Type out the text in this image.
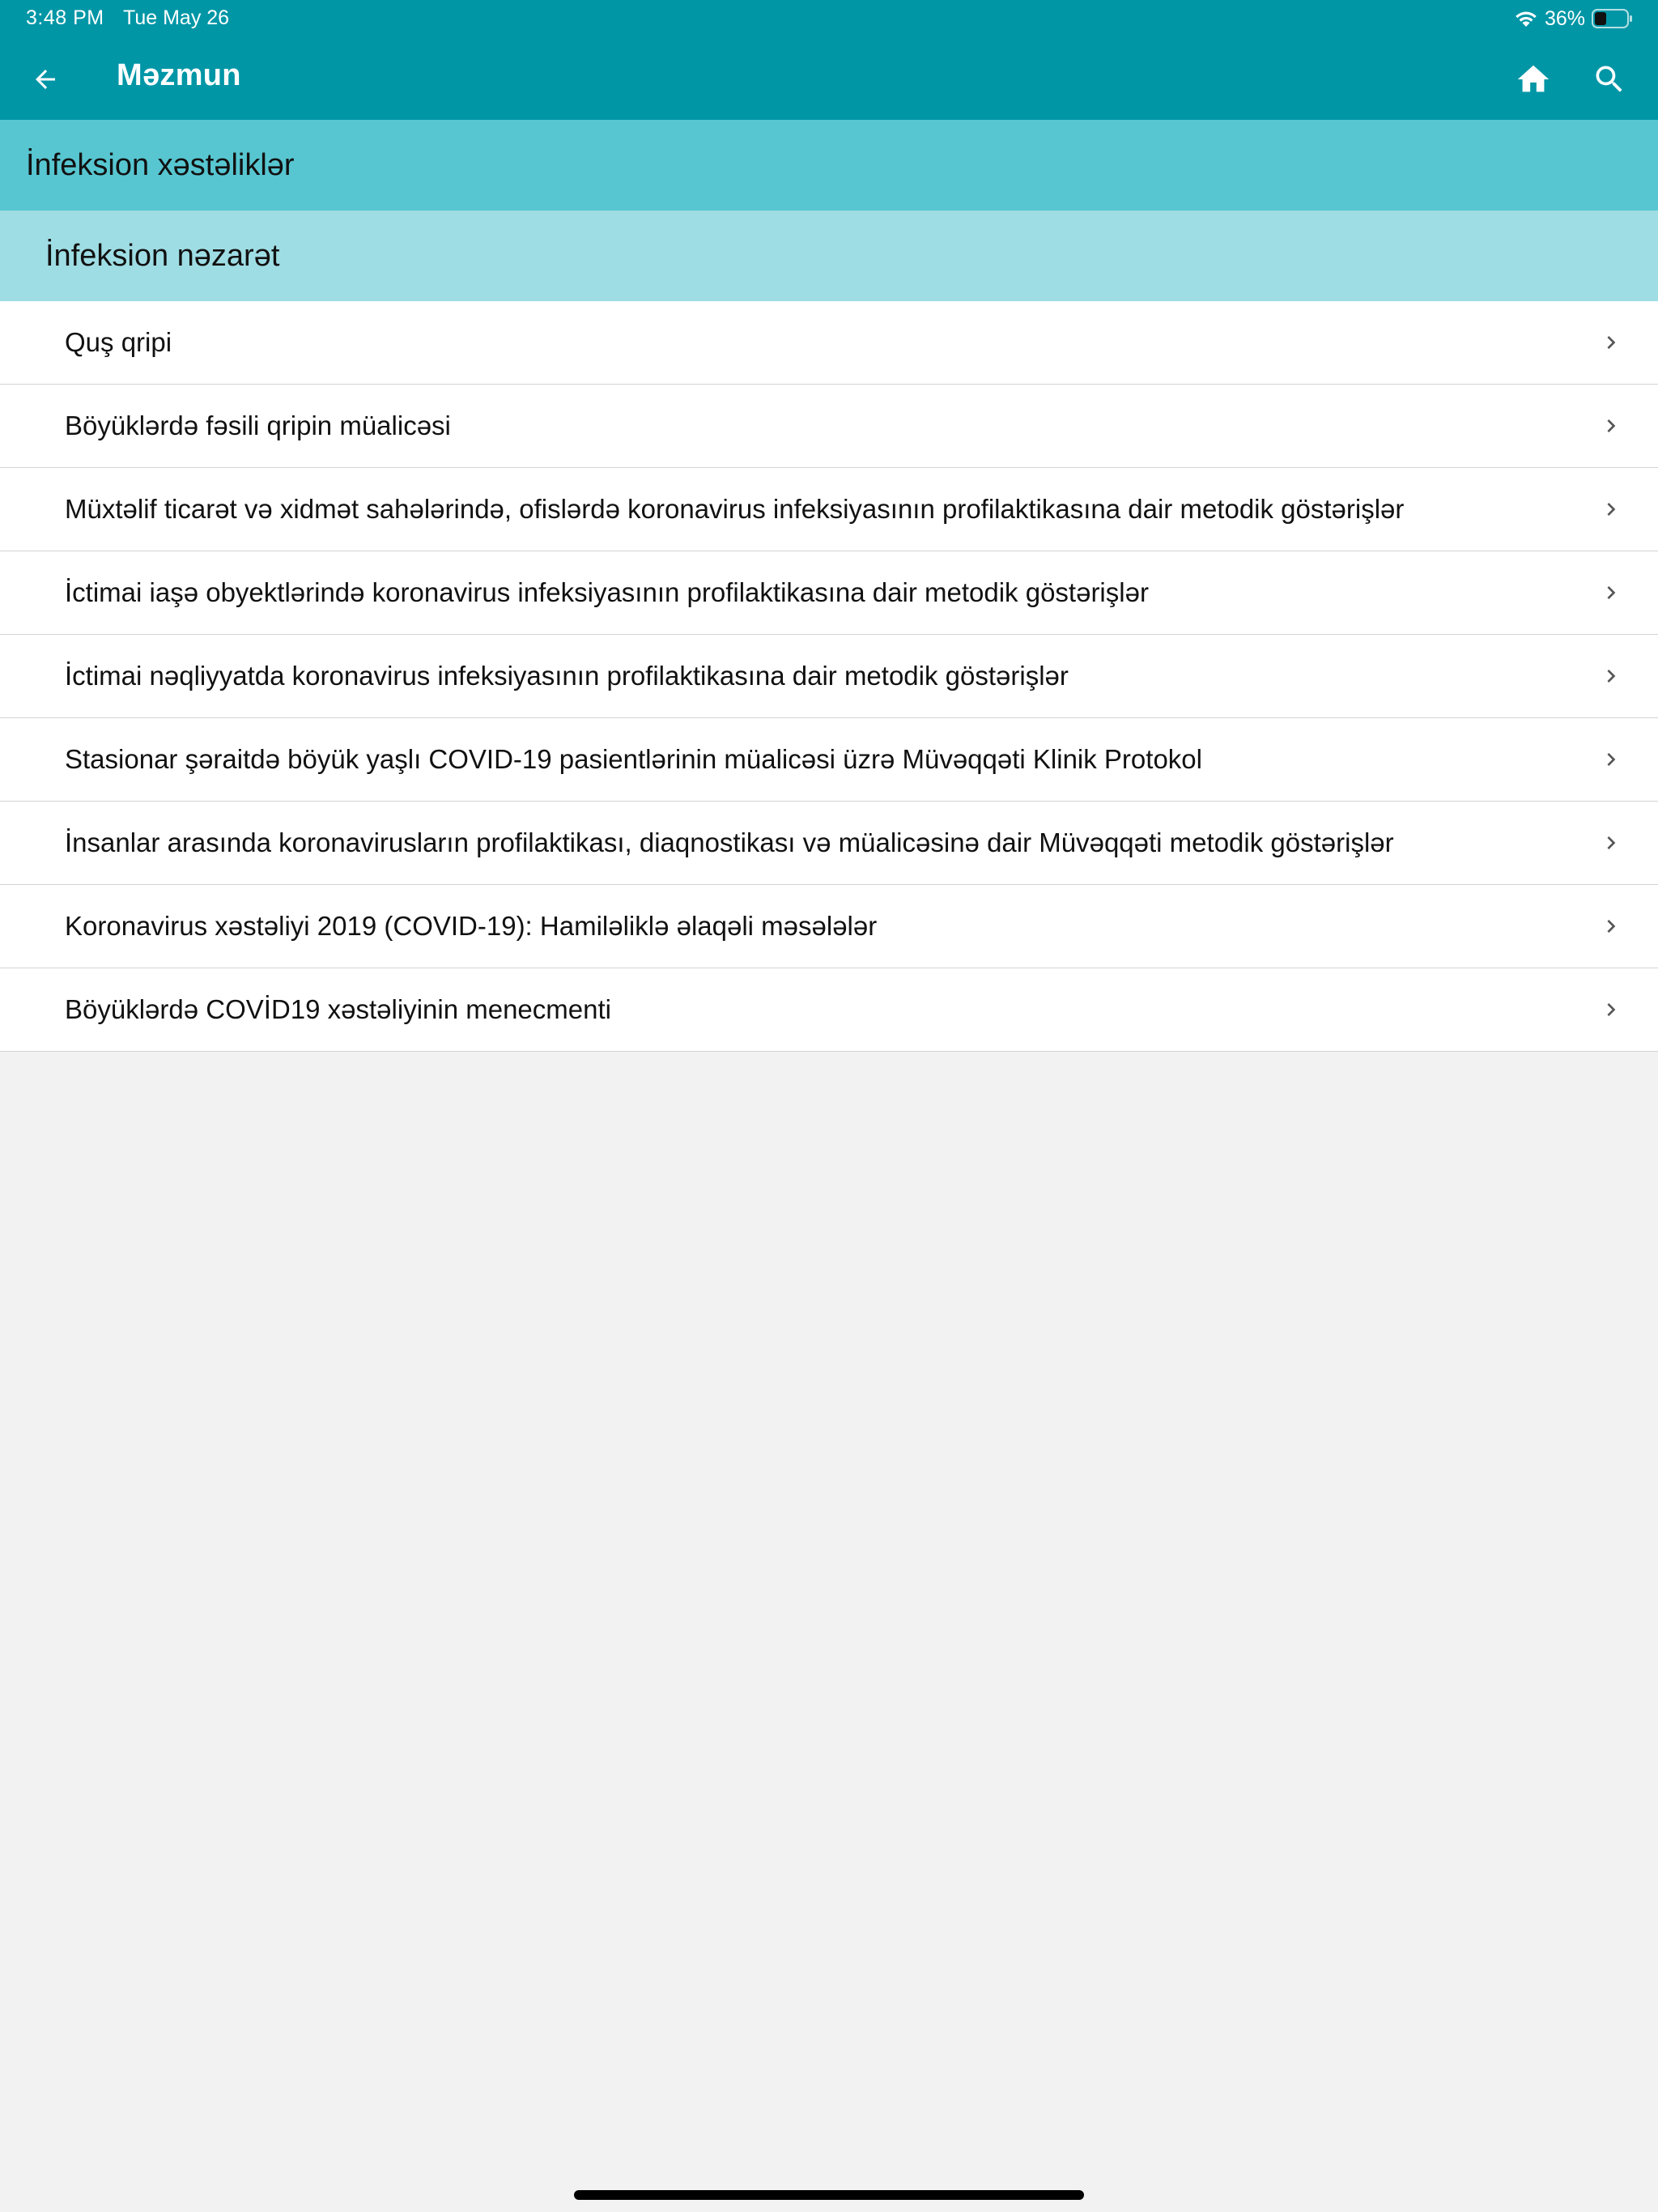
3:48 PM Tue May 26	36%
Məzmun
İnfeksion xəstəliklər
İnfeksion nəzarət
Quş qripi
Böyüklərdə fəsili qripin müalicəsi
Müxtəlif ticarət və xidmət sahələrində, ofislərdə koronavirus infeksiyasının profilaktikasına dair metodik göstərişlər
İctimai iaşə obyektlərində koronavirus infeksiyasının profilaktikasına dair metodik göstərişlər
İctimai nəqliyyatda koronavirus infeksiyasının profilaktikasına dair metodik göstərişlər
Stasionar şəraitdə böyük yaşlı COVID-19 pasientlərinin müalicəsi üzrə Müvəqqəti Klinik Protokol
İnsanlar arasında koronavirusların profilaktikası, diaqnostikası və müalicəsinə dair Müvəqqəti metodik göstərişlər
Koronavirus xəstəliyi 2019 (COVID-19): Hamiləliklə əlaqəli məsələlər
Böyüklərdə COVİD19 xəstəliyinin menecmenti
